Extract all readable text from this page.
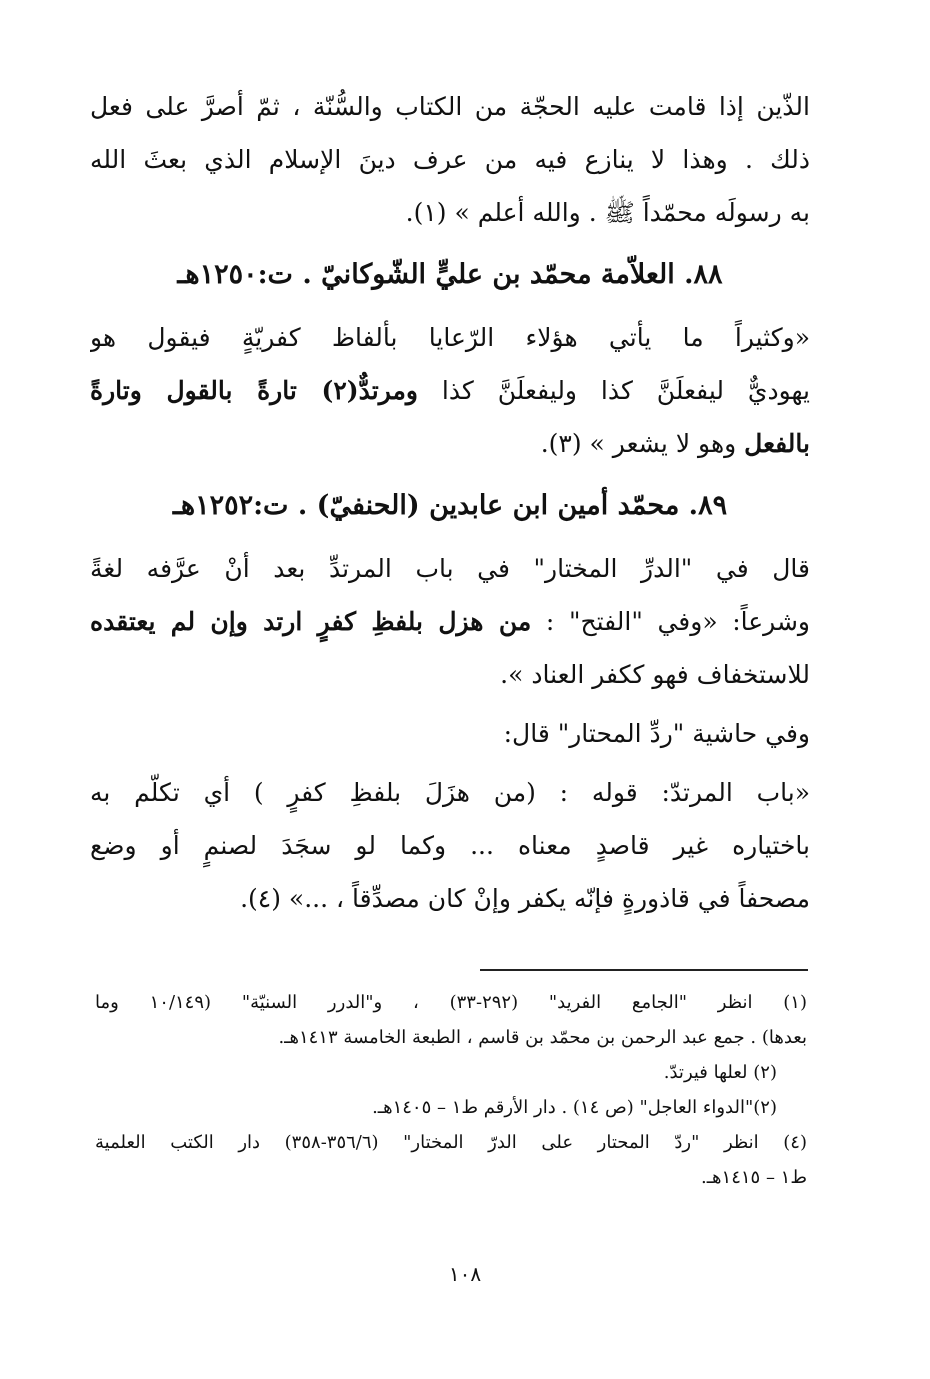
الذّين إذا قامت عليه الحجّة من الكتاب والسُّنّة ، ثمّ أصرَّ على فعل
ذلك . وهذا لا ينازع فيه من عرف دينَ الإسلام الذي بعثَ الله
به رسولَه محمّداً ﷺ . والله أعلم » (١).
٨٨. العلاّمة محمّد بن عليٍّ الشّوكانيّ . ت:١٢٥٠هـ
«وكثيراً ما يأتي هؤلاء الرّعايا بألفاظ كفريّةٍ فيقول هو
يهوديٌّ ليفعلَنَّ كذا وليفعلَنَّ كذا ومرتدٌّ(٢) تارةً بالقول وتارةً
بالفعل وهو لا يشعر » (٣).
٨٩. محمّد أمين ابن عابدين (الحنفيّ) . ت:١٢٥٢هـ
قال في "الدرِّ المختار" في باب المرتدِّ بعد أنْ عرَّفه لغةً
وشرعاً: «وفي "الفتح" : من هزل بلفظِ كفرٍ ارتد وإن لم يعتقده
للاستخفاف فهو ككفر العناد ».
وفي حاشية "ردِّ المحتار" قال:
«باب المرتدّ: قوله : (من هزَلَ بلفظِ كفرٍ ) أي تكلّم به
باختياره غير قاصدٍ معناه ... وكما لو سجَدَ لصنمٍ أو وضع
مصحفاً في قاذورةٍ فإنّه يكفر وإنْ كان مصدِّقاً ، ...» (٤).
(١) انظر "الجامع الفريد" (٢٩٢-٣٣) ، و"الدرر السنيّة" (١٠/١٤٩ وما
بعدها) . جمع عبد الرحمن بن محمّد بن قاسم ، الطبعة الخامسة ١٤١٣هـ.
(٢) لعلها فيرتدّ.
(٢)"الدواء العاجل" (ص ١٤) . دار الأرقم ط١ – ١٤٠٥هـ.
(٤) انظر "ردّ المحتار على الدرّ المختار" (٣٥٦/٦-٣٥٨) دار الكتب العلمية
ط١ – ١٤١٥هـ.
١٠٨
